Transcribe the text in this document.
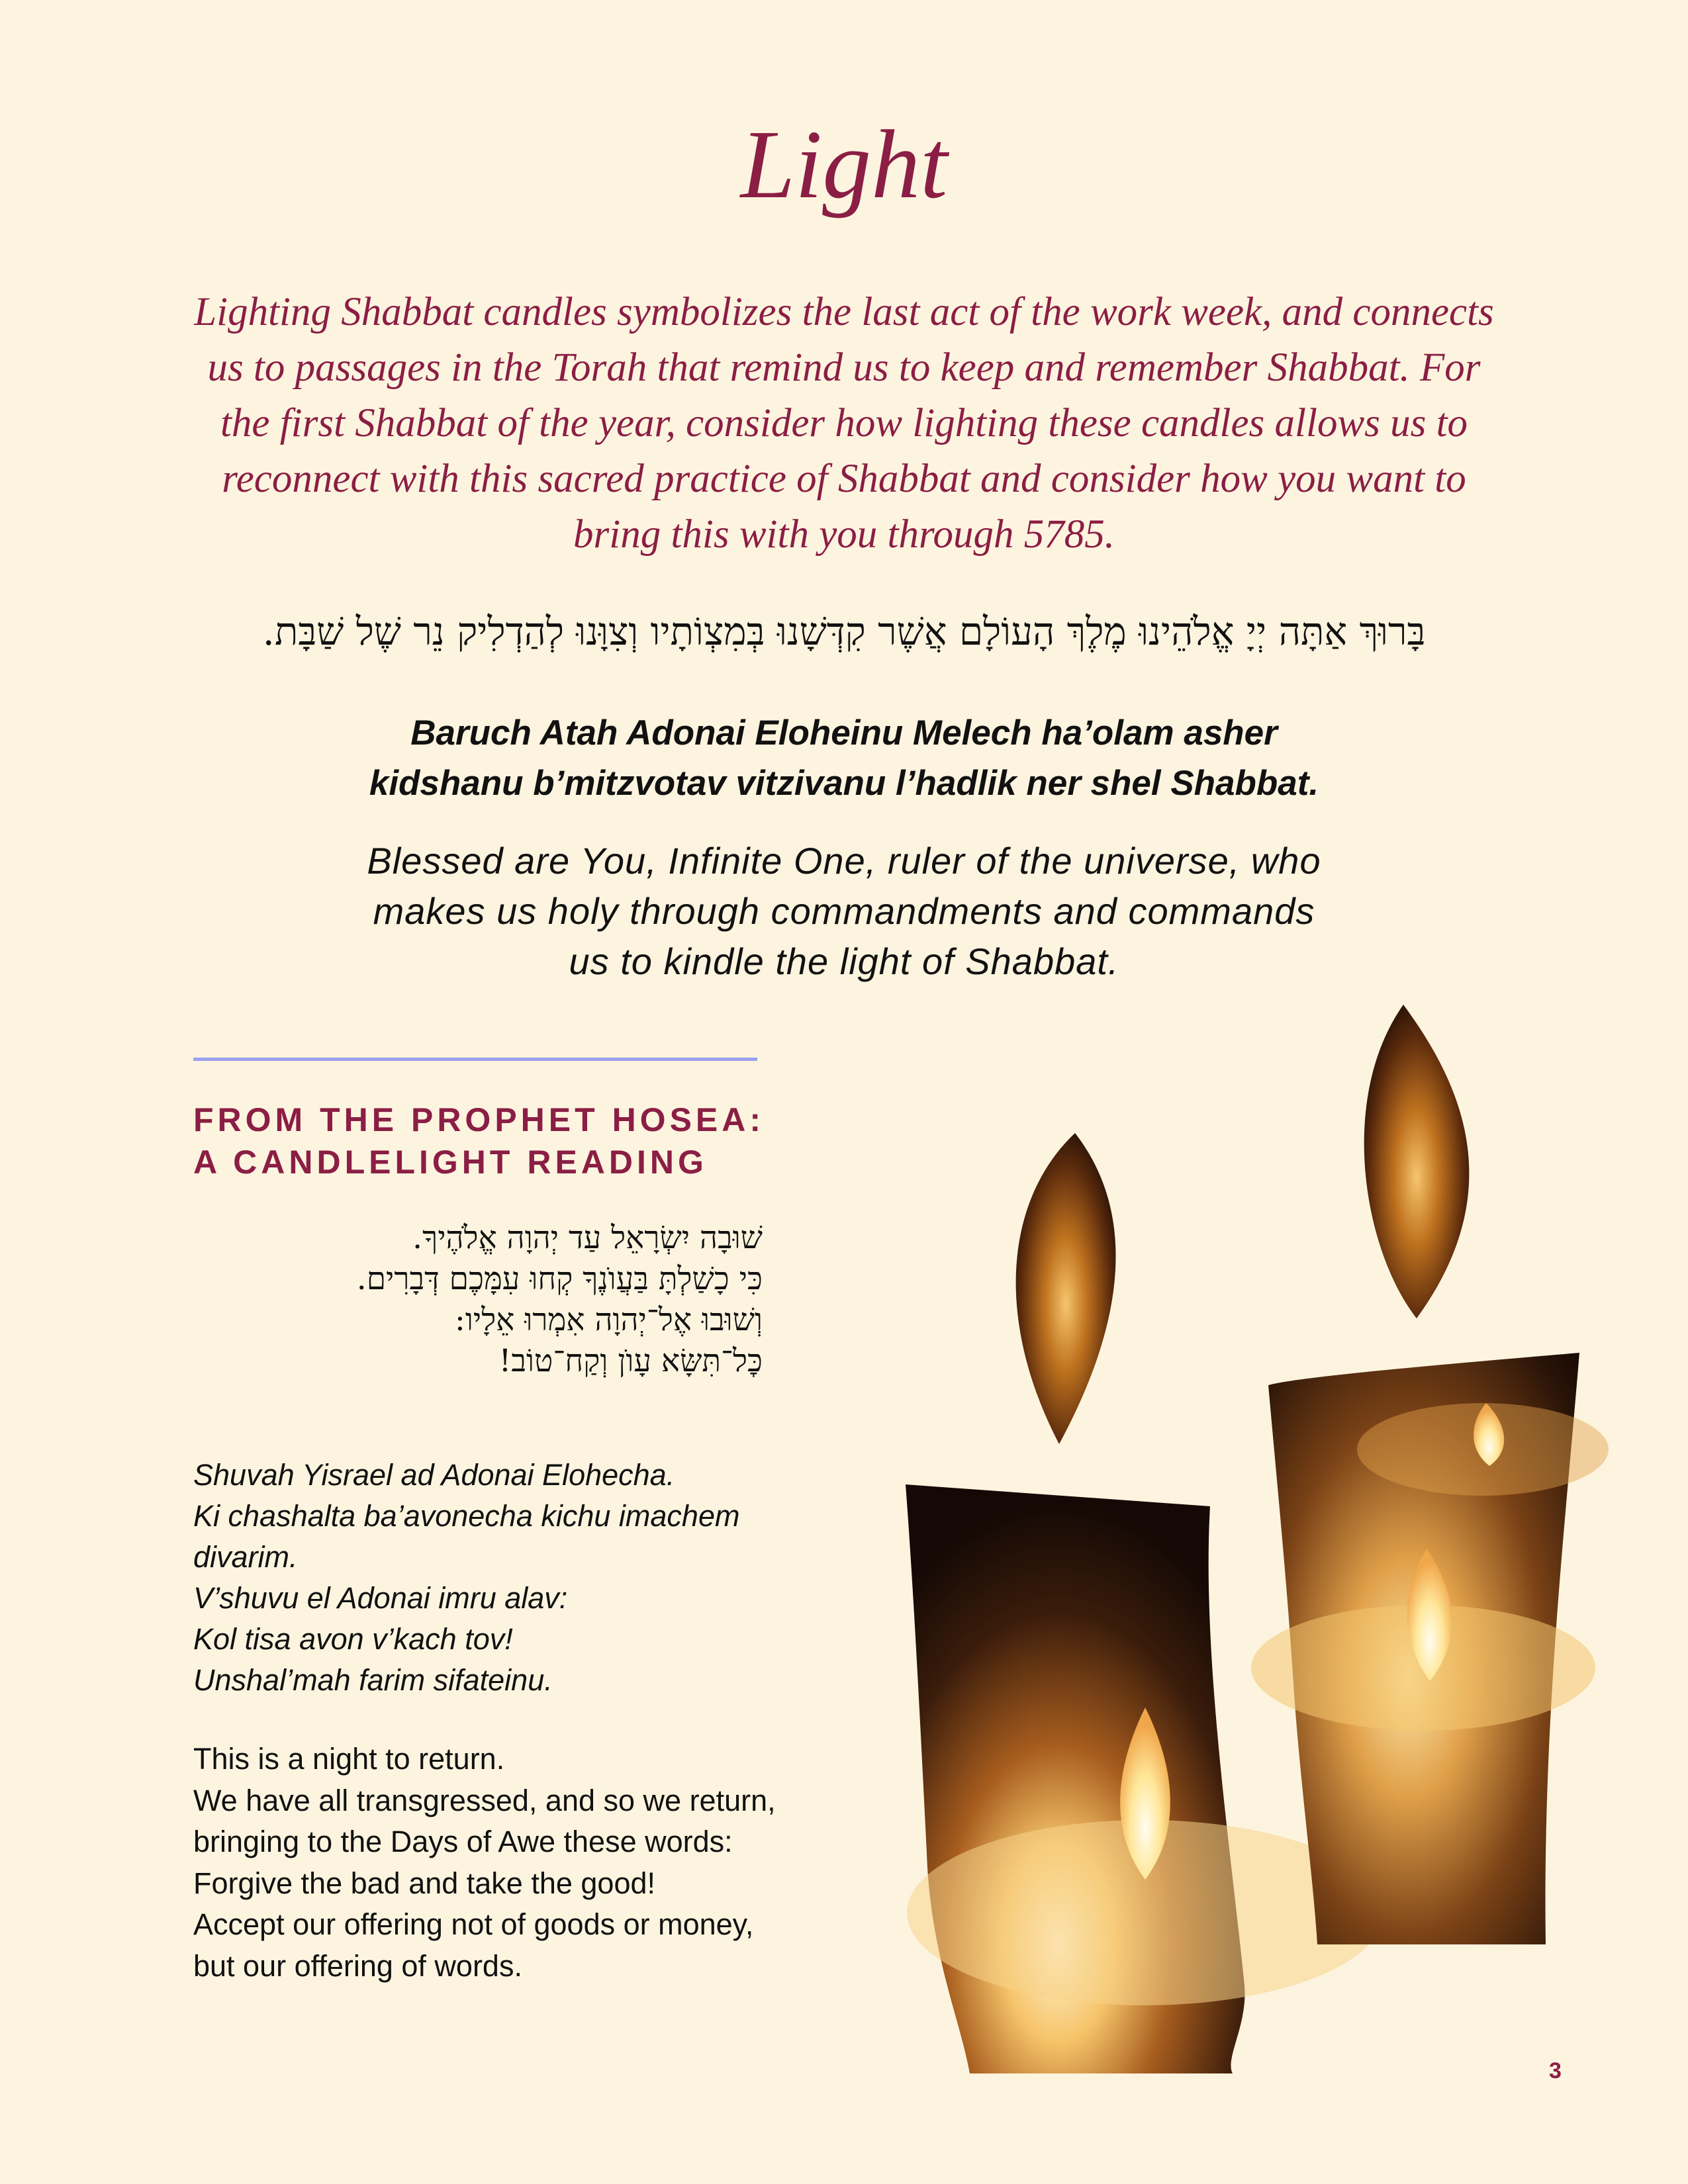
Light
Lighting Shabbat candles symbolizes the last act of the work week, and connects us to passages in the Torah that remind us to keep and remember Shabbat. For the first Shabbat of the year, consider how lighting these candles allows us to reconnect with this sacred practice of Shabbat and consider how you want to bring this with you through 5785.
בָּרוּךְ אַתָּה יְיָ אֱלֹהֵינוּ מֶלֶךְ הָעוֹלָם אֲשֶׁר קִדְּשָׁנוּ בְּמִצְוֹתָיו וְצִוָּנוּ לְהַדְלִיק נֵר שֶׁל שַׁבָּת.
Baruch Atah Adonai Eloheinu Melech ha’olam asher
kidshanu b’mitzvotav vitzivanu l’hadlik ner shel Shabbat.
Blessed are You, Infinite One, ruler of the universe, who
makes us holy through commandments and commands
us to kindle the light of Shabbat.
FROM THE PROPHET HOSEA:
A CANDLELIGHT READING
שׁוּבָה יִשְׂרָאֵל עַד יְהוָה אֱלֹהֶיךָ.
כִּי כָשַׁלְתָּ בַּעֲוֺנֶךָ קְחוּ עִמָּכֶם דְּבָרִים.
וְשׁוּבוּ אֶל־יְהוָה אִמְרוּ אֵלָיו:
כׇּל־תִּשָּׂא עָוֺן וְקַח־טוֹב!
Shuvah Yisrael ad Adonai Elohecha.
Ki chashalta ba’avonecha kichu imachem
divarim.
V’shuvu el Adonai imru alav:
Kol tisa avon v’kach tov!
Unshal’mah farim sifateinu.
This is a night to return.
We have all transgressed, and so we return,
bringing to the Days of Awe these words:
Forgive the bad and take the good!
Accept our offering not of goods or money,
but our offering of words.
3
